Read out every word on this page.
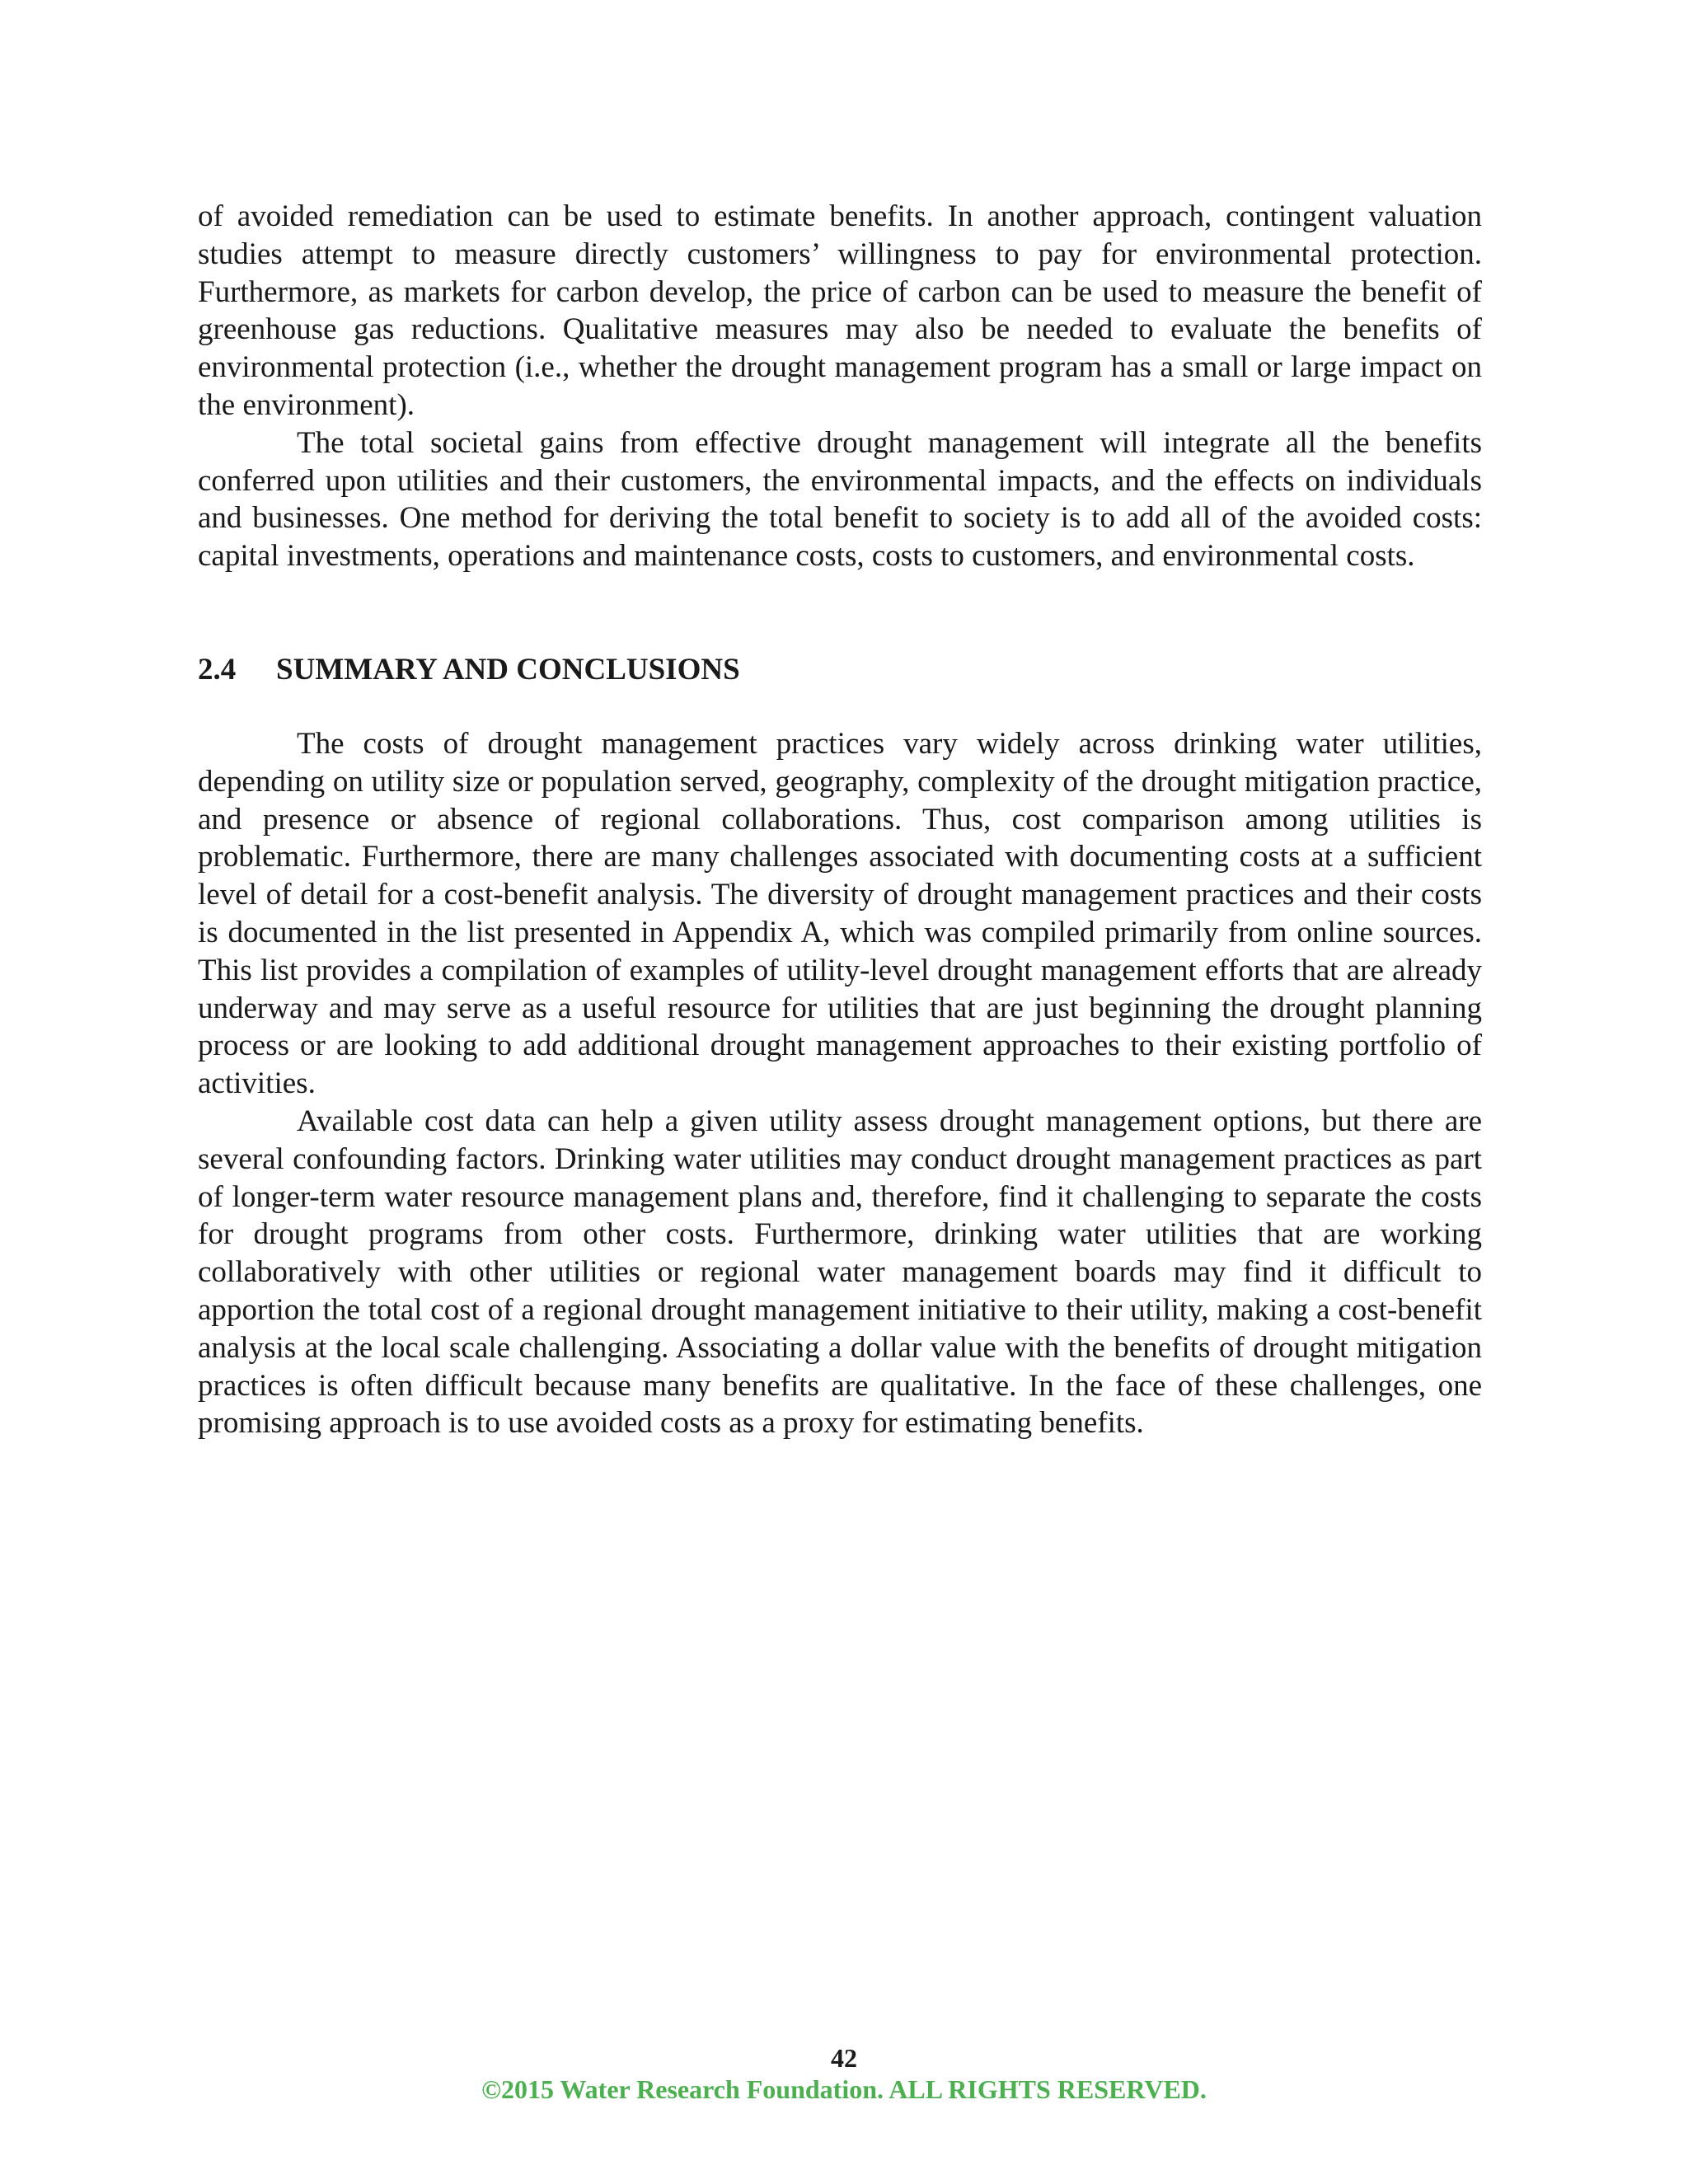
of avoided remediation can be used to estimate benefits. In another approach, contingent valuation studies attempt to measure directly customers’ willingness to pay for environmental protection. Furthermore, as markets for carbon develop, the price of carbon can be used to measure the benefit of greenhouse gas reductions. Qualitative measures may also be needed to evaluate the benefits of environmental protection (i.e., whether the drought management program has a small or large impact on the environment).

The total societal gains from effective drought management will integrate all the benefits conferred upon utilities and their customers, the environmental impacts, and the effects on individuals and businesses. One method for deriving the total benefit to society is to add all of the avoided costs: capital investments, operations and maintenance costs, costs to customers, and environmental costs.

2.4 SUMMARY AND CONCLUSIONS

The costs of drought management practices vary widely across drinking water utilities, depending on utility size or population served, geography, complexity of the drought mitigation practice, and presence or absence of regional collaborations. Thus, cost comparison among utilities is problematic. Furthermore, there are many challenges associated with documenting costs at a sufficient level of detail for a cost-benefit analysis. The diversity of drought management practices and their costs is documented in the list presented in Appendix A, which was compiled primarily from online sources. This list provides a compilation of examples of utility-level drought management efforts that are already underway and may serve as a useful resource for utilities that are just beginning the drought planning process or are looking to add additional drought management approaches to their existing portfolio of activities.

Available cost data can help a given utility assess drought management options, but there are several confounding factors. Drinking water utilities may conduct drought management practices as part of longer-term water resource management plans and, therefore, find it challenging to separate the costs for drought programs from other costs. Furthermore, drinking water utilities that are working collaboratively with other utilities or regional water management boards may find it difficult to apportion the total cost of a regional drought management initiative to their utility, making a cost-benefit analysis at the local scale challenging. Associating a dollar value with the benefits of drought mitigation practices is often difficult because many benefits are qualitative. In the face of these challenges, one promising approach is to use avoided costs as a proxy for estimating benefits.

42
©2015 Water Research Foundation. ALL RIGHTS RESERVED.
